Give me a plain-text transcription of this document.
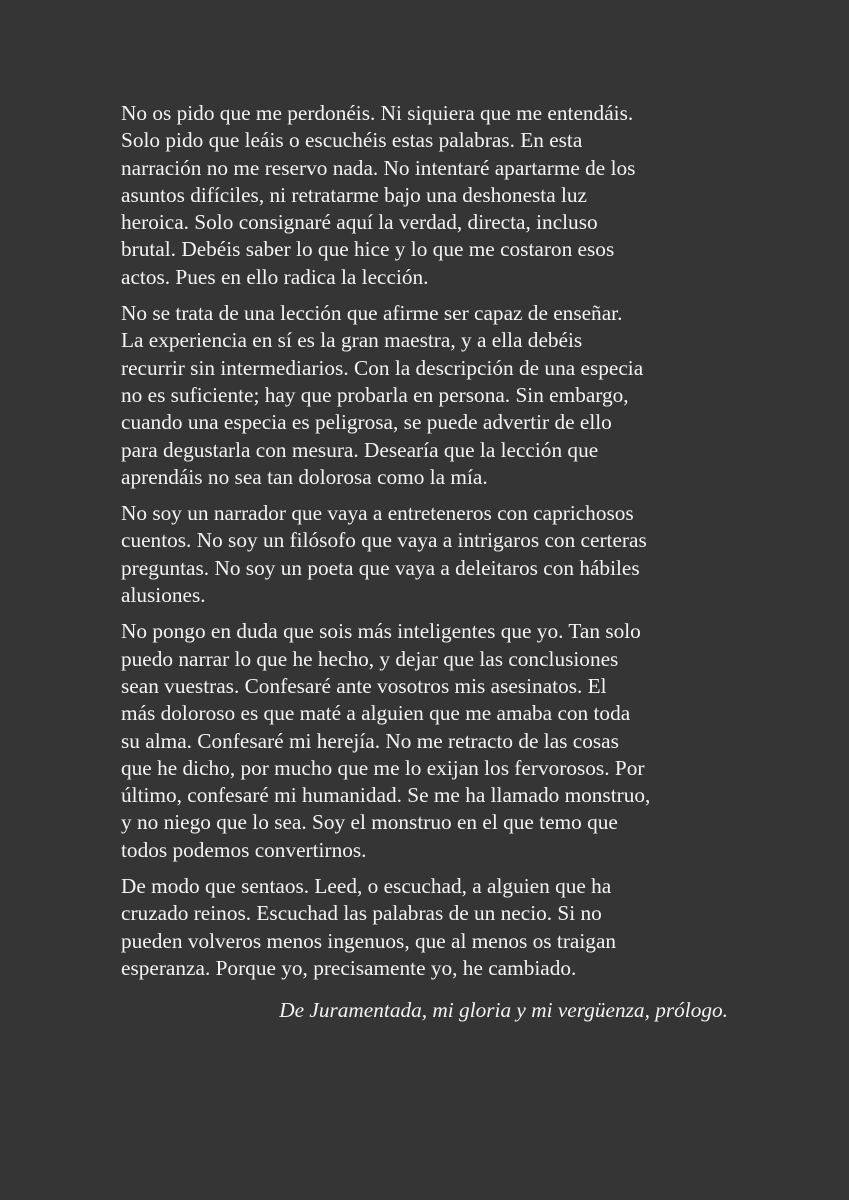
No os pido que me perdonéis. Ni siquiera que me entendáis.
Solo pido que leáis o escuchéis estas palabras. En esta
narración no me reservo nada. No intentaré apartarme de los
asuntos difíciles, ni retratarme bajo una deshonesta luz
heroica. Solo consignaré aquí la verdad, directa, incluso
brutal. Debéis saber lo que hice y lo que me costaron esos
actos. Pues en ello radica la lección.
No se trata de una lección que afirme ser capaz de enseñar.
La experiencia en sí es la gran maestra, y a ella debéis
recurrir sin intermediarios. Con la descripción de una especia
no es suficiente; hay que probarla en persona. Sin embargo,
cuando una especia es peligrosa, se puede advertir de ello
para degustarla con mesura. Desearía que la lección que
aprendáis no sea tan dolorosa como la mía.
No soy un narrador que vaya a entreteneros con caprichosos
cuentos. No soy un filósofo que vaya a intrigaros con certeras
preguntas. No soy un poeta que vaya a deleitaros con hábiles
alusiones.
No pongo en duda que sois más inteligentes que yo. Tan solo
puedo narrar lo que he hecho, y dejar que las conclusiones
sean vuestras. Confesaré ante vosotros mis asesinatos. El
más doloroso es que maté a alguien que me amaba con toda
su alma. Confesaré mi herejía. No me retracto de las cosas
que he dicho, por mucho que me lo exijan los fervorosos. Por
último, confesaré mi humanidad. Se me ha llamado monstruo,
y no niego que lo sea. Soy el monstruo en el que temo que
todos podemos convertirnos.
De modo que sentaos. Leed, o escuchad, a alguien que ha
cruzado reinos. Escuchad las palabras de un necio. Si no
pueden volveros menos ingenuos, que al menos os traigan
esperanza. Porque yo, precisamente yo, he cambiado.
De Juramentada, mi gloria y mi vergüenza, prólogo.
